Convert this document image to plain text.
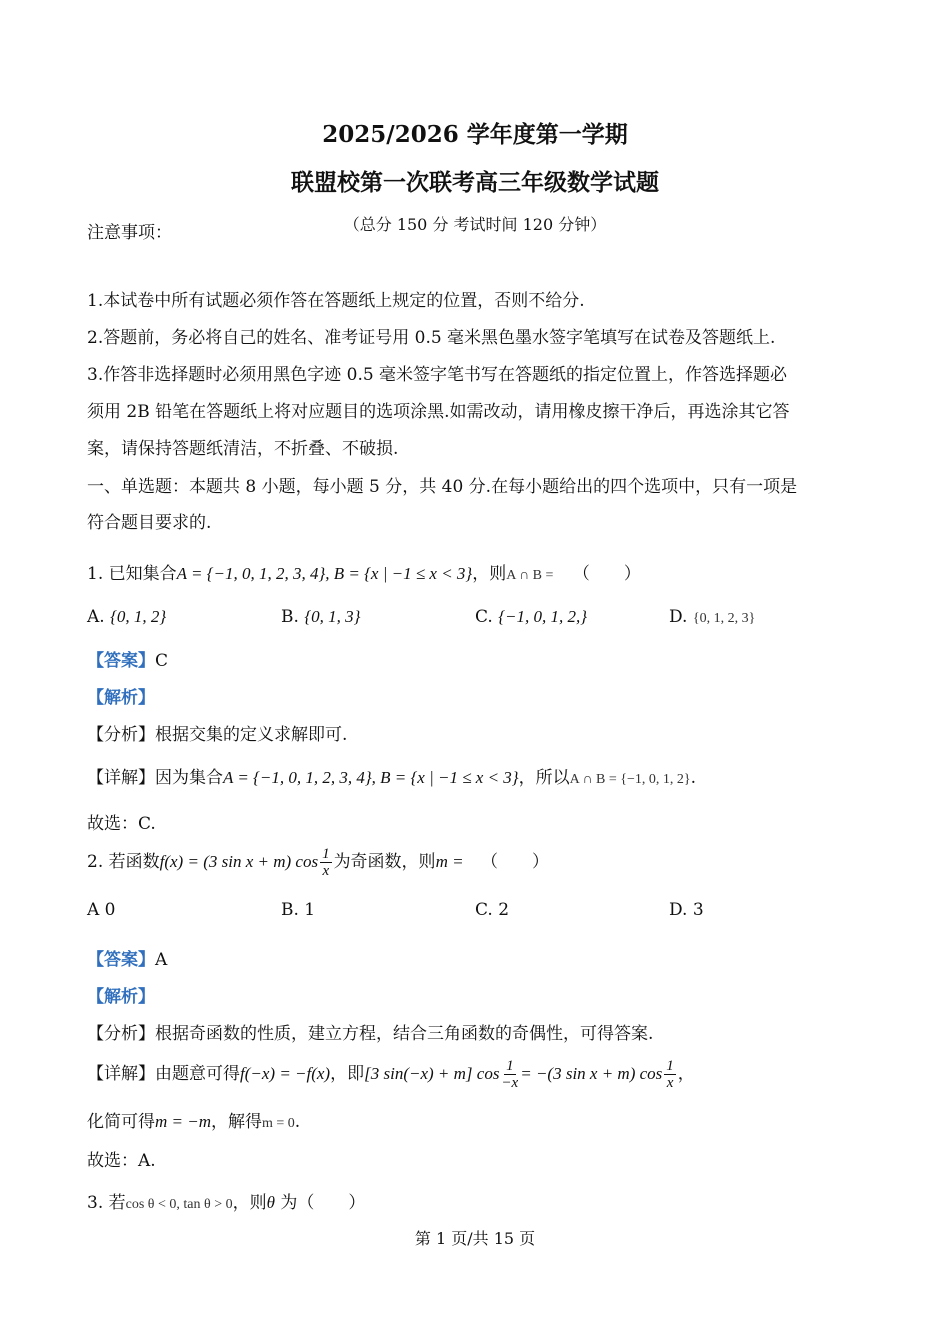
2025/2026 学年度第一学期
联盟校第一次联考高三年级数学试题
（总分 150 分 考试时间 120 分钟）
注意事项：
1.本试卷中所有试题必须作答在答题纸上规定的位置，否则不给分.
2.答题前，务必将自己的姓名、准考证号用 0.5 毫米黑色墨水签字笔填写在试卷及答题纸上.
3.作答非选择题时必须用黑色字迹 0.5 毫米签字笔书写在答题纸的指定位置上，作答选择题必
须用 2B 铅笔在答题纸上将对应题目的选项涂黑.如需改动，请用橡皮擦干净后，再选涂其它答
案，请保持答题纸清洁，不折叠、不破损.
一、单选题：本题共 8 小题，每小题 5 分，共 40 分.在每小题给出的四个选项中，只有一项是
符合题目要求的.
1. 已知集合A = {−1, 0, 1, 2, 3, 4}, B = {x | −1 ≤ x < 3}，则A ∩ B = （　　）
A. {0, 1, 2}	B. {0, 1, 3}	C. {−1, 0, 1, 2,}	D. {0, 1, 2, 3}
【答案】C
【解析】
【分析】根据交集的定义求解即可.
【详解】因为集合A = {−1, 0, 1, 2, 3, 4}, B = {x | −1 ≤ x < 3}，所以A ∩ B = {−1, 0, 1, 2}.
故选：C.
2. 若函数f(x) = (3 sin x + m) $\cos \frac{1}{x}$ 为奇函数，则m = （　　）
A 0	B. 1	C. 2	D. 3
【答案】A
【解析】
【分析】根据奇函数的性质，建立方程，结合三角函数的奇偶性，可得答案.
【详解】由题意可得f(−x) = −f(x)，即[3 sin(−x) + m] $\cos \frac{1}{-x} = -(3$ sin x + m) $\cos \frac{1}{x}$ ，
化简可得m = −m，解得m = 0.
故选：A.
3. 若cos θ < 0, tan θ > 0，则θ 为（　　）
第 1 页/共 15 页
